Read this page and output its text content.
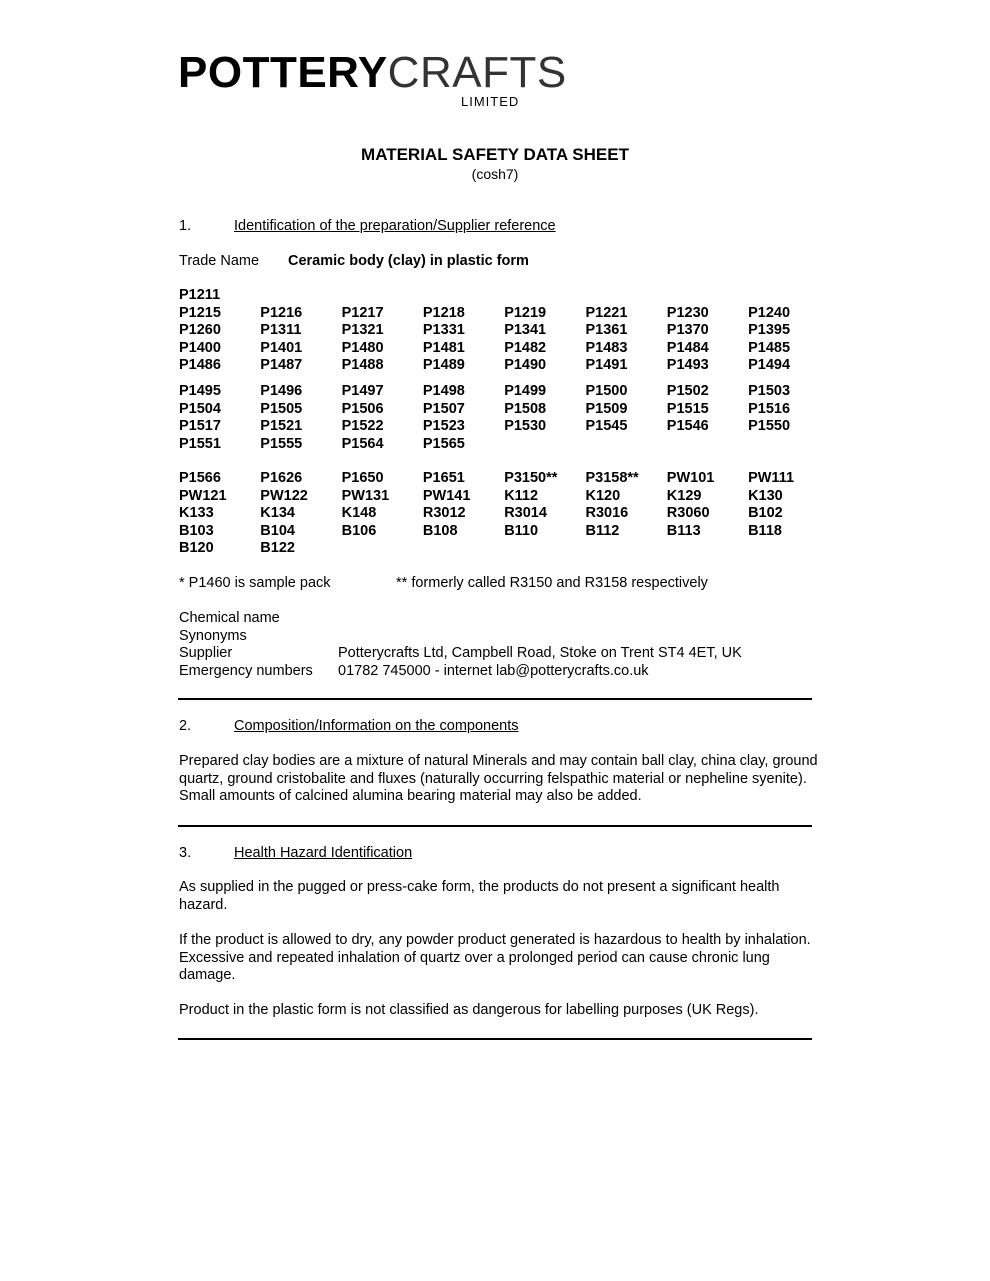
POTTERYCRAFTS
LIMITED
MATERIAL SAFETY DATA SHEET
(cosh7)
1.	Identification of the preparation/Supplier reference
Trade Name Ceramic body (clay) in plastic form
P1211
P1215	P1216	P1217	P1218	P1219	P1221	P1230	P1240
P1260	P1311	P1321	P1331	P1341	P1361	P1370	P1395
P1400	P1401	P1480	P1481	P1482	P1483	P1484	P1485
P1486	P1487	P1488	P1489	P1490	P1491	P1493	P1494
P1495	P1496	P1497	P1498	P1499	P1500	P1502	P1503
P1504	P1505	P1506	P1507	P1508	P1509	P1515	P1516
P1517	P1521	P1522	P1523	P1530	P1545	P1546	P1550
P1551	P1555	P1564	P1565
P1566	P1626	P1650	P1651	P3150** P3158** PW101 PW111
PW121 PW122 PW131 PW141 K112	K120	K129	K130
K133	K134	K148	R3012	R3014	R3016	R3060	B102
B103	B104	B106	B108	B110	B112	B113	B118
B120	B122
* P1460 is sample pack	** formerly called R3150 and R3158 respectively
Chemical name
Synonyms
Supplier	Potterycrafts Ltd, Campbell Road, Stoke on Trent ST4 4ET, UK
Emergency numbers 01782 745000 - internet lab@potterycrafts.co.uk
2.	Composition/Information on the components
Prepared clay bodies are a mixture of natural Minerals and may contain ball clay, china clay, ground quartz, ground cristobalite and fluxes (naturally occurring felspathic material or nepheline syenite). Small amounts of calcined alumina bearing material may also be added.
3.	Health Hazard Identification
As supplied in the pugged or press-cake form, the products do not present a significant health hazard.
If the product is allowed to dry, any powder product generated is hazardous to health by inhalation. Excessive and repeated inhalation of quartz over a prolonged period can cause chronic lung damage.
Product in the plastic form is not classified as dangerous for labelling purposes (UK Regs).
